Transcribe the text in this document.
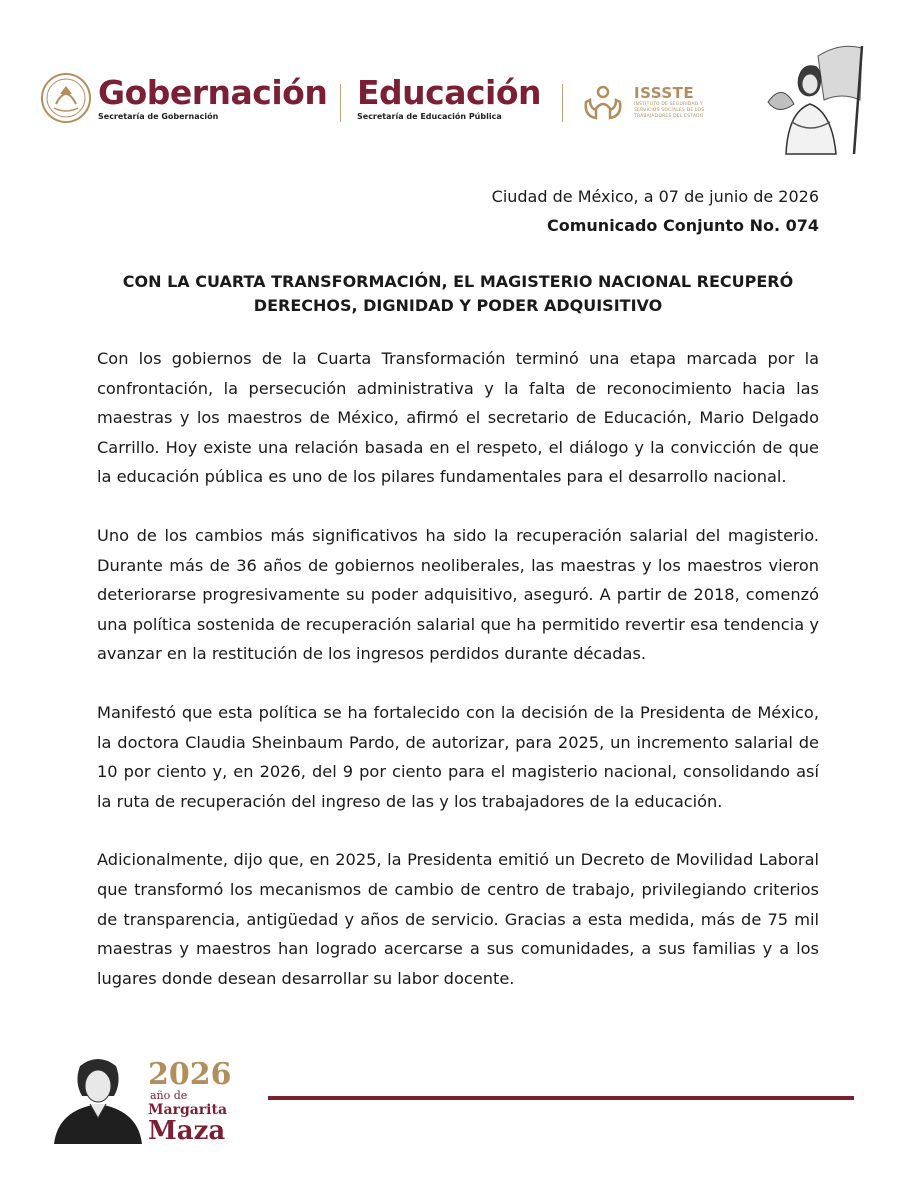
Gobernación
Secretaría de Gobernación
Educación
Secretaría de Educación Pública
ISSSTE
INSTITUTO DE SEGURIDAD Y SERVICIOS SOCIALES DE LOS TRABAJADORES DEL ESTADO
Ciudad de México, a 07 de junio de 2026
Comunicado Conjunto No. 074
CON LA CUARTA TRANSFORMACIÓN, EL MAGISTERIO NACIONAL RECUPERÓ
DERECHOS, DIGNIDAD Y PODER ADQUISITIVO

Con los gobiernos de la Cuarta Transformación terminó una etapa marcada por la confrontación, la persecución administrativa y la falta de reconocimiento hacia las maestras y los maestros de México, afirmó el secretario de Educación, Mario Delgado Carrillo. Hoy existe una relación basada en el respeto, el diálogo y la convicción de que la educación pública es uno de los pilares fundamentales para el desarrollo nacional.

Uno de los cambios más significativos ha sido la recuperación salarial del magisterio. Durante más de 36 años de gobiernos neoliberales, las maestras y los maestros vieron deteriorarse progresivamente su poder adquisitivo, aseguró. A partir de 2018, comenzó una política sostenida de recuperación salarial que ha permitido revertir esa tendencia y avanzar en la restitución de los ingresos perdidos durante décadas.

Manifestó que esta política se ha fortalecido con la decisión de la Presidenta de México, la doctora Claudia Sheinbaum Pardo, de autorizar, para 2025, un incremento salarial de 10 por ciento y, en 2026, del 9 por ciento para el magisterio nacional, consolidando así la ruta de recuperación del ingreso de las y los trabajadores de la educación.

Adicionalmente, dijo que, en 2025, la Presidenta emitió un Decreto de Movilidad Laboral que transformó los mecanismos de cambio de centro de trabajo, privilegiando criterios de transparencia, antigüedad y años de servicio. Gracias a esta medida, más de 75 mil maestras y maestros han logrado acercarse a sus comunidades, a sus familias y a los lugares donde desean desarrollar su labor docente.

2026
año de
Margarita
Maza
